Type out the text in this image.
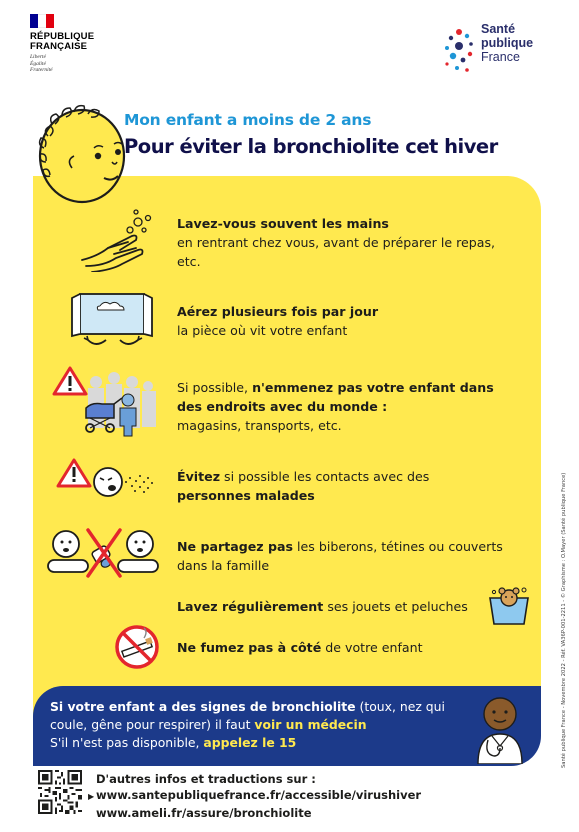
RÉPUBLIQUE
FRANÇAISE
Liberté
Égalité
Fraternité
Santé
publique
France
Mon enfant a moins de 2 ans
Pour éviter la bronchiolite cet hiver
Lavez-vous souvent les mains
en rentrant chez vous, avant de préparer le repas, etc.
Aérez plusieurs fois par jour
la pièce où vit votre enfant
Si possible, n'emmenez pas votre enfant dans des endroits avec du monde :
magasins, transports, etc.
Évitez si possible les contacts avec des personnes malades
Ne partagez pas les biberons, tétines ou couverts dans la famille
Lavez régulièrement ses jouets et peluches
Ne fumez pas à côté de votre enfant
Si votre enfant a des signes de bronchiolite (toux, nez qui coule, gêne pour respirer) il faut voir un médecin
S'il n'est pas disponible, appelez le 15
D'autres infos et traductions sur :
▶ www.santepubliquefrance.fr/accessible/virushiver
www.ameli.fr/assure/bronchiolite
Santé publique France - Novembre 2022 - Réf. VA36P-001-2211 - © Graphisme : O.Mayer (Santé publique France)
